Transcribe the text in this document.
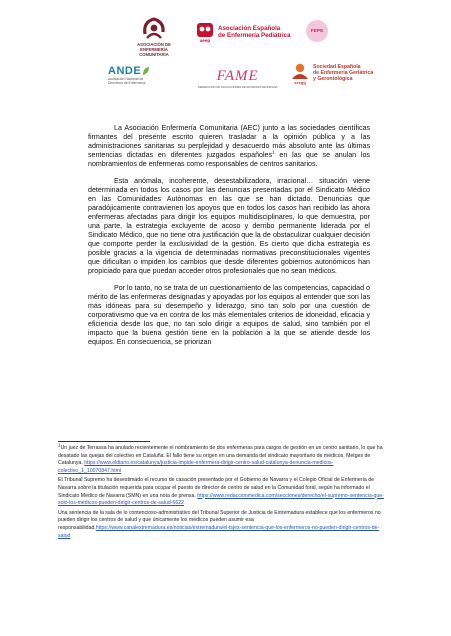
ASOCIACIÓN DE
ENFERMERÍA COMUNITARIA
aeep
Asociación Española
de Enfermería Pediátrica
FEPE
ANDE
Asociación Nacional de Directivos de Enfermería	FAME
FEDERACIÓN DE ASOCIACIONES DE MATRONAS DE ESPAÑA
seegg
Sociedad Española
de Enfermería Geriátrica
y Gerontológica

La Asociación Enfermería Comunitaria (AEC) junto a las sociedades científicas firmantes del presente escrito quieren trasladar a la opinión pública y a las administraciones sanitarias su perplejidad y desacuerdo más absoluto ante las últimas sentencias dictadas en diferentes juzgados españoles$^1$ en las que se anulan los nombramientos de enfermeras como responsables de centros sanitarios.

Esta anómala, incoherente, desestabilizadora, irracional… situación viene determinada en todos los casos por las denuncias presentadas por el Sindicato Médico en las Comunidades Autónomas en las que se han dictado. Denuncias que paradójicamente contravienen los apoyos que en todos los casos han recibido las ahora enfermeras afectadas para dirigir los equipos multidisciplinares, lo que demuestra, por una parte, la estrategia excluyente de acoso y derribo permanente liderada por el Sindicato Médico, que no tiene otra justificación que la de obstaculizar cualquier decisión que comporte perder la exclusividad de la gestión. Es cierto que dicha estrategia es posible gracias a la vigencia de determinadas normativas preconstitucionales vigentes que dificultan o impiden los cambios que desde diferentes gobiernos autonómicos han propiciado para que puedan acceder otros profesionales que no sean médicos.

Por lo tanto, no se trata de un cuestionamiento de las competencias, capacidad o mérito de las enfermeras designadas y apoyadas por los equipos al entender que son las más idóneas para su desempeño y liderazgo, sino tan solo por una cuestión de corporativismo que va en contra de los más elementales criterios de idoneidad, eficacia y eficiencia desde los que, no tan solo dirigir a equipos de salud, sino también por el impacto que la buena gestión tiene en la población a la que se atiende desde los equipos. En consecuencia, se priorizan

$^1$Un juez de Terrassa ha anulado recientemente el nombramiento de dos enfermeras para cargos de gestión en un centro sanitario, lo que ha desatado las quejas del colectivo en Cataluña. El fallo tiene su origen en una demanda del sindicato mayoritario de médicos, Metges de Catalunya. https://www.eldiario.es/catalunya/justicia-impide-enfermera-dirigir-centro-salud-catalunya-denuncia-medicos-colectivo_1_10070847.html

El Tribunal Supremo ha desestimado el recurso de casación presentado por el Gobierno de Navarra y el Colegio Oficial de Enfermería de Navarra sobre la titulación requerida para ocupar el puesto de director de centro de salud en la Comunidad foral, según ha informado el Sindicato Médico de Navarra (SMN) en una nota de prensa. https://www.redaccionmedica.com/secciones/derecho/el-supremo-sentencia-que-solo-los-medicos-pueden-dirigir-centros-de-salud-6622

Una sentencia de la sala de lo contencioso-administrativo del Tribunal Superior de Justicia de Extremadura establece que los enfermeros no pueden dirigir los centros de salud y que únicamente los médicos pueden asumir esa responsabilidad.https://www.canalextremadura.es/noticias/extremadura/el-tsjex-sentencia-que-los-enfermeros-no-pueden-dirigir-centros-de-salud
